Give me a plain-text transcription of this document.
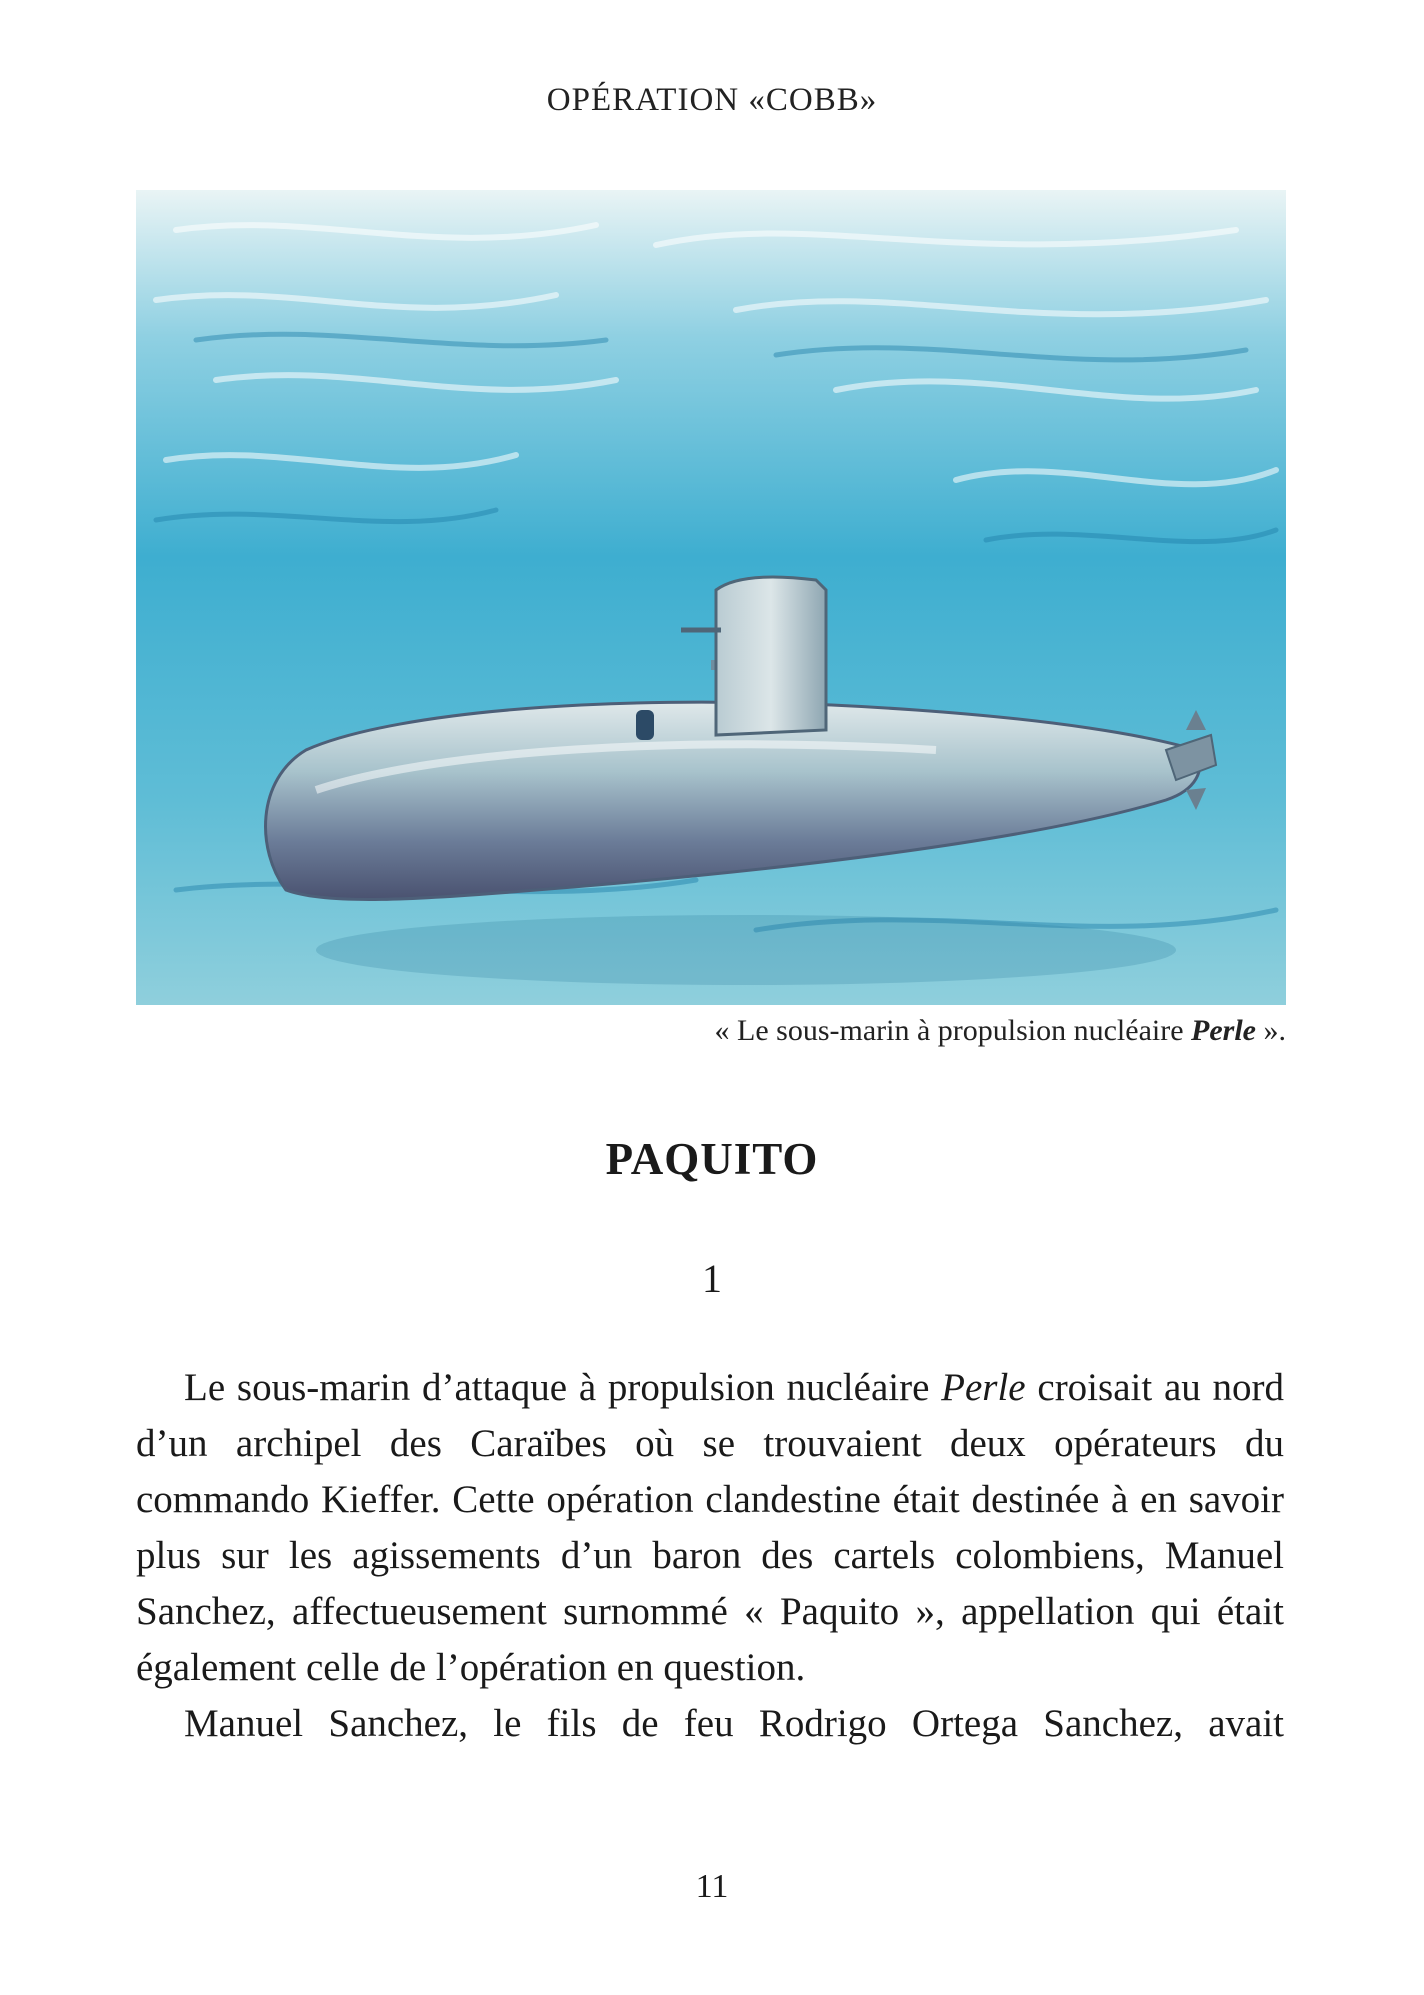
OPÉRATION «COBB»
« Le sous-marin à propulsion nucléaire Perle ».
PAQUITO
1

Le sous-marin d’attaque à propulsion nucléaire Perle croisait au nord d’un archipel des Caraïbes où se trouvaient deux opérateurs du commando Kieffer. Cette opération clandestine était destinée à en savoir plus sur les agissements d’un baron des cartels colombiens, Manuel Sanchez, affectueusement surnommé « Paquito », appellation qui était également celle de l’opération en question.

Manuel Sanchez, le fils de feu Rodrigo Ortega Sanchez, avait

11
